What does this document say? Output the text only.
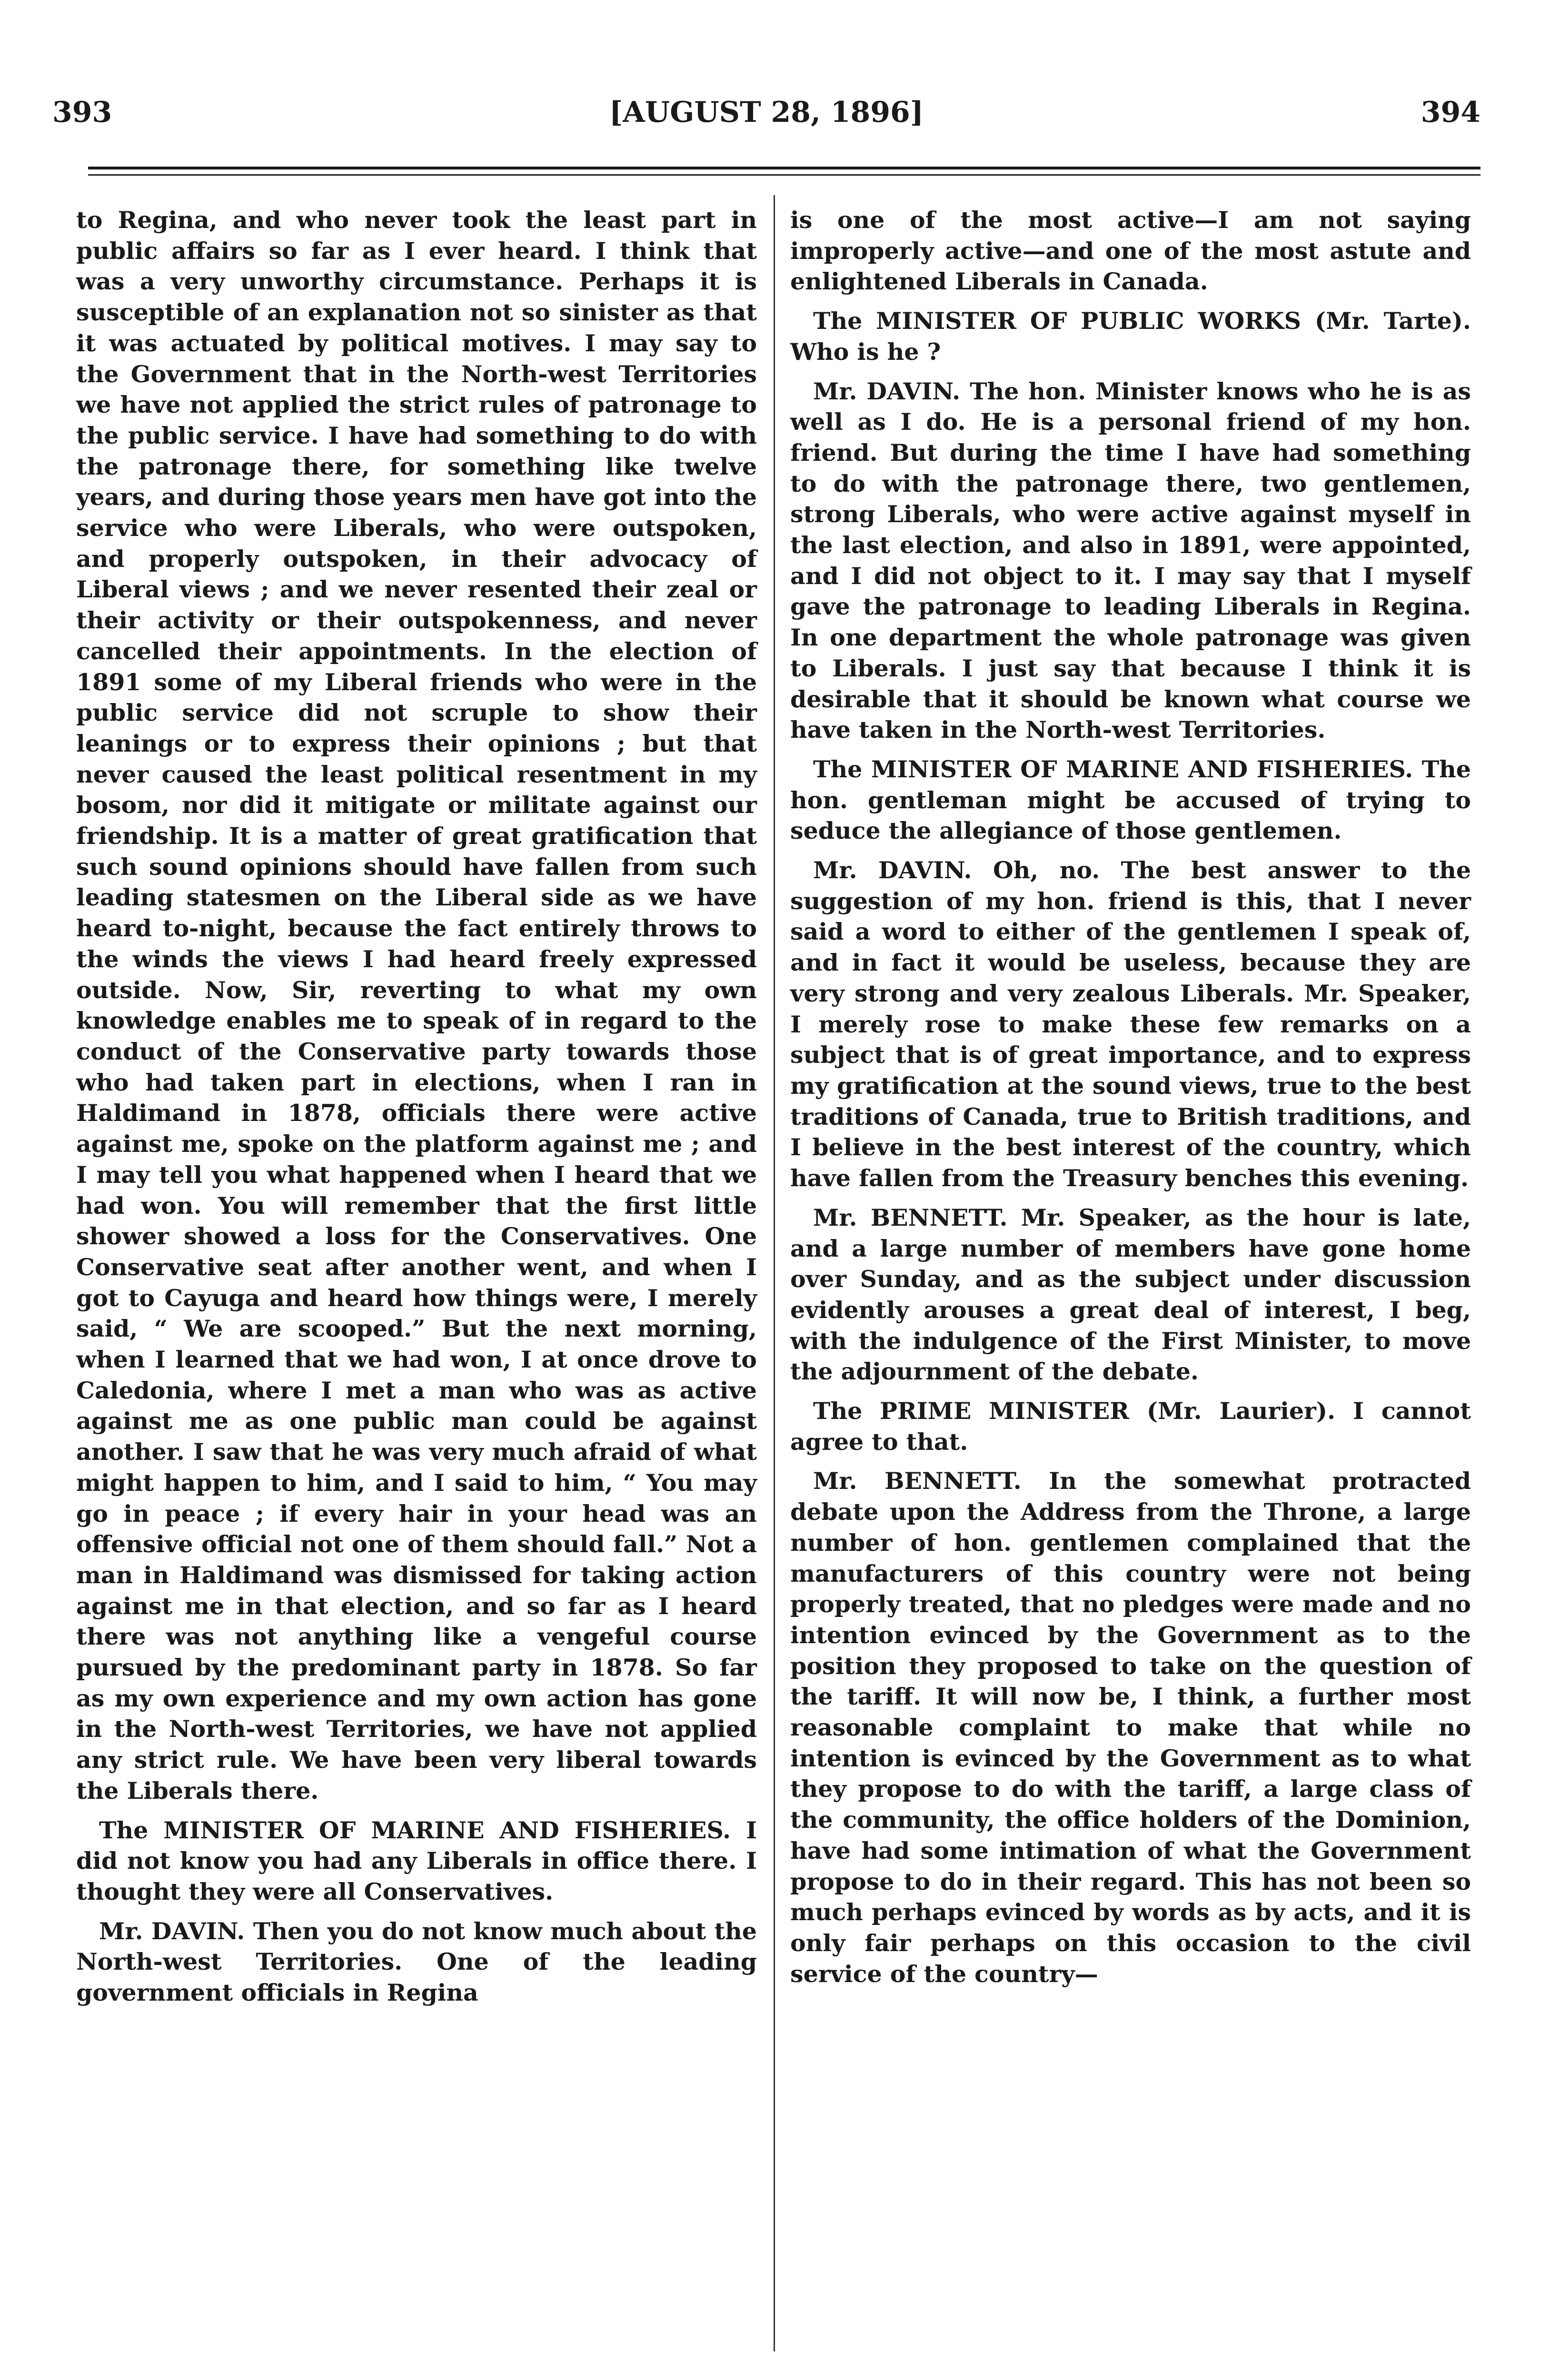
393	[AUGUST 28, 1896]	394

to Regina, and who never took the least part in public affairs so far as I ever heard. I think that was a very unworthy circumstance. Perhaps it is susceptible of an explanation not so sinister as that it was actuated by political motives. I may say to the Government that in the North-west Territories we have not applied the strict rules of patronage to the public service. I have had something to do with the patronage there, for something like twelve years, and during those years men have got into the service who were Liberals, who were outspoken, and properly outspoken, in their advocacy of Liberal views ; and we never resented their zeal or their activity or their outspokenness, and never cancelled their appointments. In the election of 1891 some of my Liberal friends who were in the public service did not scruple to show their leanings or to express their opinions ; but that never caused the least political resentment in my bosom, nor did it mitigate or militate against our friendship. It is a matter of great gratification that such sound opinions should have fallen from such leading statesmen on the Liberal side as we have heard to-night, because the fact entirely throws to the winds the views I had heard freely expressed outside. Now, Sir, reverting to what my own knowledge enables me to speak of in regard to the conduct of the Conservative party towards those who had taken part in elections, when I ran in Haldimand in 1878, officials there were active against me, spoke on the platform against me ; and I may tell you what happened when I heard that we had won. You will remember that the first little shower showed a loss for the Conservatives. One Conservative seat after another went, and when I got to Cayuga and heard how things were, I merely said, “ We are scooped.” But the next morning, when I learned that we had won, I at once drove to Caledonia, where I met a man who was as active against me as one public man could be against another. I saw that he was very much afraid of what might happen to him, and I said to him, “ You may go in peace ; if every hair in your head was an offensive official not one of them should fall.” Not a man in Haldimand was dismissed for taking action against me in that election, and so far as I heard there was not anything like a vengeful course pursued by the predominant party in 1878. So far as my own experience and my own action has gone in the North-west Territories, we have not applied any strict rule. We have been very liberal towards the Liberals there.

The MINISTER OF MARINE AND FISHERIES. I did not know you had any Liberals in office there. I thought they were all Conservatives.

Mr. DAVIN. Then you do not know much about the North-west Territories. One of the leading government officials in Regina

is one of the most active—I am not saying improperly active—and one of the most astute and enlightened Liberals in Canada.

The MINISTER OF PUBLIC WORKS (Mr. Tarte). Who is he ?

Mr. DAVIN. The hon. Minister knows who he is as well as I do. He is a personal friend of my hon. friend. But during the time I have had something to do with the patronage there, two gentlemen, strong Liberals, who were active against myself in the last election, and also in 1891, were appointed, and I did not object to it. I may say that I myself gave the patronage to leading Liberals in Regina. In one department the whole patronage was given to Liberals. I just say that because I think it is desirable that it should be known what course we have taken in the North-west Territories.

The MINISTER OF MARINE AND FISHERIES. The hon. gentleman might be accused of trying to seduce the allegiance of those gentlemen.

Mr. DAVIN. Oh, no. The best answer to the suggestion of my hon. friend is this, that I never said a word to either of the gentlemen I speak of, and in fact it would be useless, because they are very strong and very zealous Liberals. Mr. Speaker, I merely rose to make these few remarks on a subject that is of great importance, and to express my gratification at the sound views, true to the best traditions of Canada, true to British traditions, and I believe in the best interest of the country, which have fallen from the Treasury benches this evening.

Mr. BENNETT. Mr. Speaker, as the hour is late, and a large number of members have gone home over Sunday, and as the subject under discussion evidently arouses a great deal of interest, I beg, with the indulgence of the First Minister, to move the adjournment of the debate.

The PRIME MINISTER (Mr. Laurier). I cannot agree to that.

Mr. BENNETT. In the somewhat protracted debate upon the Address from the Throne, a large number of hon. gentlemen complained that the manufacturers of this country were not being properly treated, that no pledges were made and no intention evinced by the Government as to the position they proposed to take on the question of the tariff. It will now be, I think, a further most reasonable complaint to make that while no intention is evinced by the Government as to what they propose to do with the tariff, a large class of the community, the office holders of the Dominion, have had some intimation of what the Government propose to do in their regard. This has not been so much perhaps evinced by words as by acts, and it is only fair perhaps on this occasion to the civil service of the country—
